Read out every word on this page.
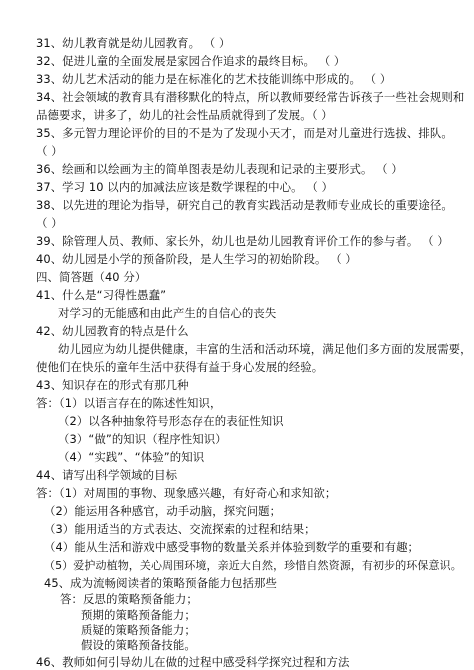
31、幼儿教育就是幼儿园教育。 （ ）
32、促进儿童的全面发展是家园合作追求的最终目标。 （ ）
33、幼儿艺术活动的能力是在标准化的艺术技能训练中形成的。 （ ）
34、社会领域的教育具有潜移默化的特点，所以教师要经常告诉孩子一些社会规则和
品德要求，讲多了，幼儿的社会性品质就得到了发展。（ ）
35、多元智力理论评价的目的不是为了发现小天才，而是对儿童进行选拔、排队。
（ ）
36、绘画和以绘画为主的简单图表是幼儿表现和记录的主要形式。 （ ）
37、学习 10 以内的加减法应该是数学课程的中心。 （ ）
38、以先进的理论为指导，研究自己的教育实践活动是教师专业成长的重要途径。
（ ）
39、除管理人员、教师、家长外，幼儿也是幼儿园教育评价工作的参与者。 （ ）
40、幼儿园是小学的预备阶段，是人生学习的初始阶段。 （ ）
四、简答题（40 分）
41、什么是“习得性愚蠢”
对学习的无能感和由此产生的自信心的丧失
42、幼儿园教育的特点是什么
幼儿园应为幼儿提供健康，丰富的生活和活动环境，满足他们多方面的发展需要，
使他们在快乐的童年生活中获得有益于身心发展的经验。
43、知识存在的形式有那几种
答：（1）以语言存在的陈述性知识，
（2）以各种抽象符号形态存在的表征性知识
（3）“做”的知识（程序性知识）
（4）“实践”、“体验”的知识
44、请写出科学领域的目标
答：（1）对周围的事物、现象感兴趣，有好奇心和求知欲；
（2）能运用各种感官，动手动脑，探究问题；
（3）能用适当的方式表达、交流探索的过程和结果；
（4）能从生活和游戏中感受事物的数量关系并体验到数学的重要和有趣；
（5）爱护动植物，关心周围环境，亲近大自然，珍惜自然资源，有初步的环保意识。
45、成为流畅阅读者的策略预备能力包括那些
答：反思的策略预备能力；
预期的策略预备能力；
质疑的策略预备能力；
假设的策略预备技能。
46、教师如何引导幼儿在做的过程中感受科学探究过程和方法
